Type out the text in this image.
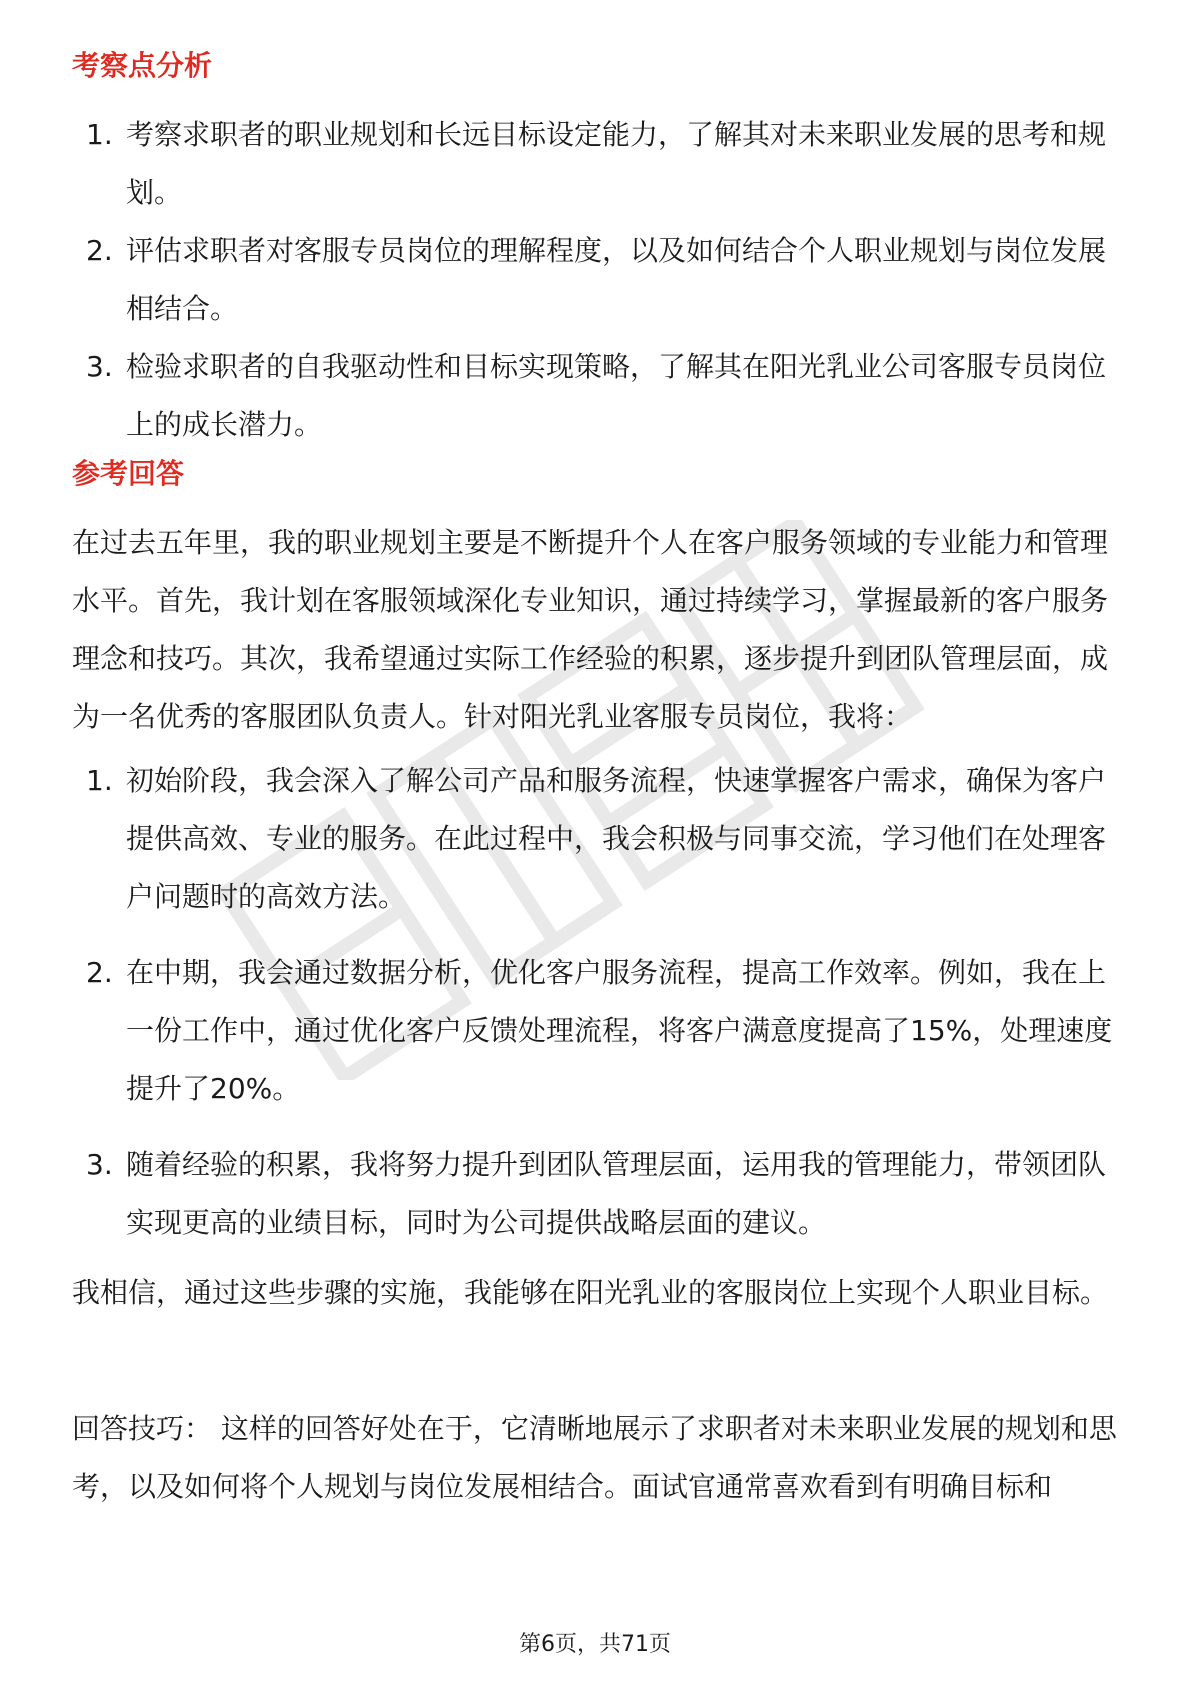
考察点分析
1. 考察求职者的职业规划和长远目标设定能力，了解其对未来职业发展的思考和规划。
2. 评估求职者对客服专员岗位的理解程度，以及如何结合个人职业规划与岗位发展相结合。
3. 检验求职者的自我驱动性和目标实现策略，了解其在阳光乳业公司客服专员岗位上的成长潜力。
参考回答

在过去五年里，我的职业规划主要是不断提升个人在客户服务领域的专业能力和管理水平。首先，我计划在客服领域深化专业知识，通过持续学习，掌握最新的客户服务理念和技巧。其次，我希望通过实际工作经验的积累，逐步提升到团队管理层面，成为一名优秀的客服团队负责人。针对阳光乳业客服专员岗位，我将：

1. 初始阶段，我会深入了解公司产品和服务流程，快速掌握客户需求，确保为客户提供高效、专业的服务。在此过程中，我会积极与同事交流，学习他们在处理客户问题时的高效方法。
2. 在中期，我会通过数据分析，优化客户服务流程，提高工作效率。例如，我在上一份工作中，通过优化客户反馈处理流程，将客户满意度提高了15%，处理速度提升了20%。
3. 随着经验的积累，我将努力提升到团队管理层面，运用我的管理能力，带领团队实现更高的业绩目标，同时为公司提供战略层面的建议。

我相信，通过这些步骤的实施，我能够在阳光乳业的客服岗位上实现个人职业目标。

回答技巧： 这样的回答好处在于，它清晰地展示了求职者对未来职业发展的规划和思考，以及如何将个人规划与岗位发展相结合。面试官通常喜欢看到有明确目标和

第6页，共71页
